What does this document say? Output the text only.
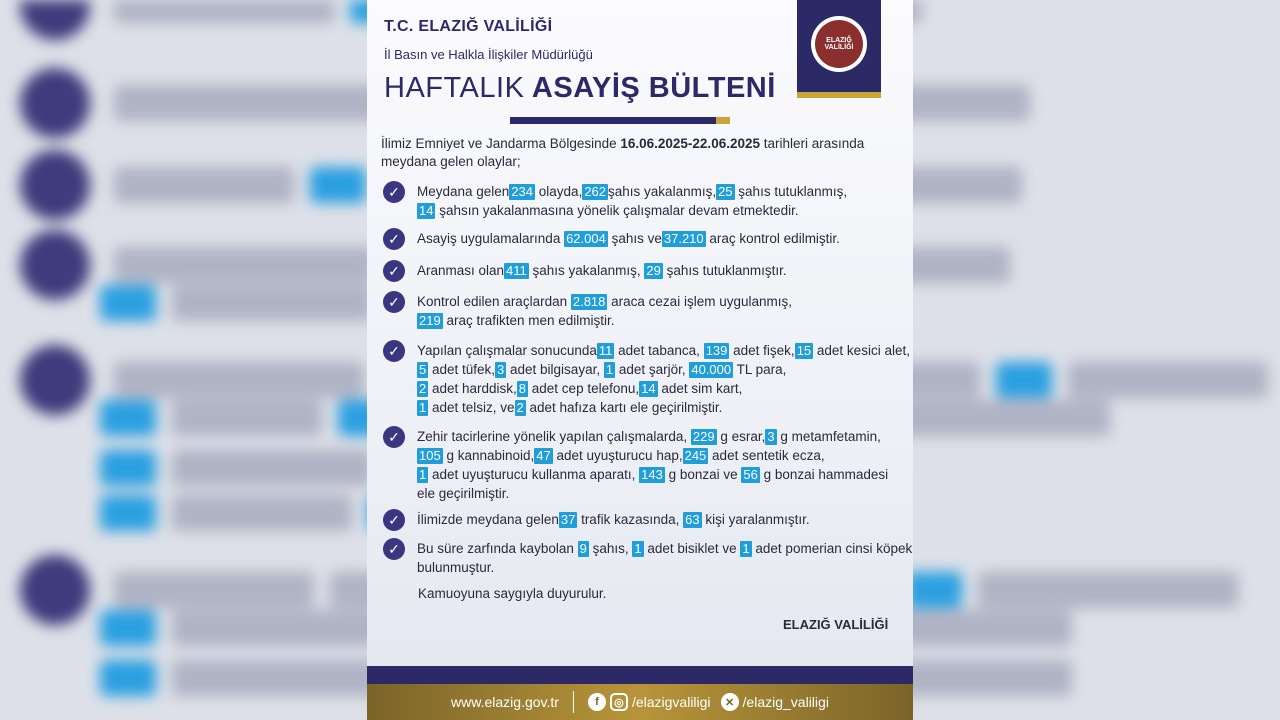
T.C. ELAZIĞ VALİLİĞİ
İl Basın ve Halkla İlişkiler Müdürlüğü
HAFTALIK ASAYİŞ BÜLTENİ
ELAZIĞ VALİLİĞİ
İlimiz Emniyet ve Jandarma Bölgesinde 16.06.2025-22.06.2025 tarihleri arasında meydana gelen olaylar;
✓	Meydana gelen 234 olayda, 262 şahıs yakalanmış, 25 şahıs tutuklanmış,
14 şahsın yakalanmasına yönelik çalışmalar devam etmektedir.
✓	Asayiş uygulamalarında 62.004 şahıs ve 37.210 araç kontrol edilmiştir.
✓	Aranması olan 411 şahıs yakalanmış, 29 şahıs tutuklanmıştır.
✓	Kontrol edilen araçlardan 2.818 araca cezai işlem uygulanmış,
219 araç trafikten men edilmiştir.
✓	Yapılan çalışmalar sonucunda 11 adet tabanca, 139 adet fişek, 15 adet kesici alet,
5 adet tüfek, 3 adet bilgisayar, 1 adet şarjör, 40.000 TL para,
2 adet harddisk, 8 adet cep telefonu, 14 adet sim kart,
1 adet telsiz, ve 2 adet hafıza kartı ele geçirilmiştir.
✓	Zehir tacirlerine yönelik yapılan çalışmalarda, 229 g esrar, 3 g metamfetamin,
105 g kannabinoid, 47 adet uyuşturucu hap, 245 adet sentetik ecza,
1 adet uyuşturucu kullanma aparatı, 143 g bonzai ve 56 g bonzai hammadesi
ele geçirilmiştir.
✓	İlimizde meydana gelen 37 trafik kazasında, 63 kişi yaralanmıştır.
✓	Bu süre zarfında kaybolan 9 şahıs, 1 adet bisiklet ve 1 adet pomerian cinsi köpek bulunmuştur.
Kamuoyuna saygıyla duyurulur.
ELAZIĞ VALİLİĞİ
www.elazig.gov.tr	f	◎ /elazigvaliligi	✕ /elazig_valiligi
